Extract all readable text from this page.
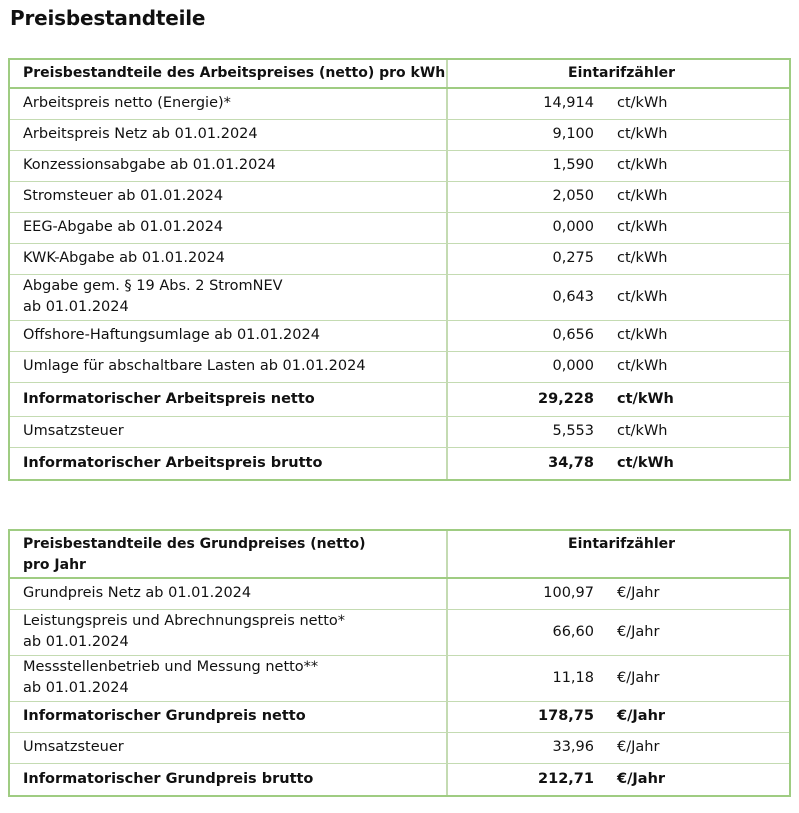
Preisbestandteile
Preisbestandteile des Arbeitspreises (netto) pro kWh	Eintarifzähler	

Arbeitspreis netto (Energie)*	14,914	ct/kWh

Arbeitspreis Netz ab 01.01.2024	9,100	ct/kWh

Konzessionsabgabe ab 01.01.2024	1,590	ct/kWh

Stromsteuer ab 01.01.2024	2,050	ct/kWh

EEG-Abgabe ab 01.01.2024	0,000	ct/kWh

KWK-Abgabe ab 01.01.2024	0,275	ct/kWh

Abgabe gem. § 19 Abs. 2 StromNEV
ab 01.01.2024	0,643	ct/kWh

Offshore-Haftungsumlage ab 01.01.2024	0,656	ct/kWh

Umlage für abschaltbare Lasten ab 01.01.2024	0,000	ct/kWh

Informatorischer Arbeitspreis netto	29,228	ct/kWh

Umsatzsteuer	5,553	ct/kWh

Informatorischer Arbeitspreis brutto	34,78	ct/kWh
Preisbestandteile des Grundpreises (netto)
pro Jahr	Eintarifzähler	

Grundpreis Netz ab 01.01.2024	100,97	€/Jahr

Leistungspreis und Abrechnungspreis netto*
ab 01.01.2024	66,60	€/Jahr

Messstellenbetrieb und Messung netto**
ab 01.01.2024	11,18	€/Jahr

Informatorischer Grundpreis netto	178,75	€/Jahr

Umsatzsteuer	33,96	€/Jahr

Informatorischer Grundpreis brutto	212,71	€/Jahr
